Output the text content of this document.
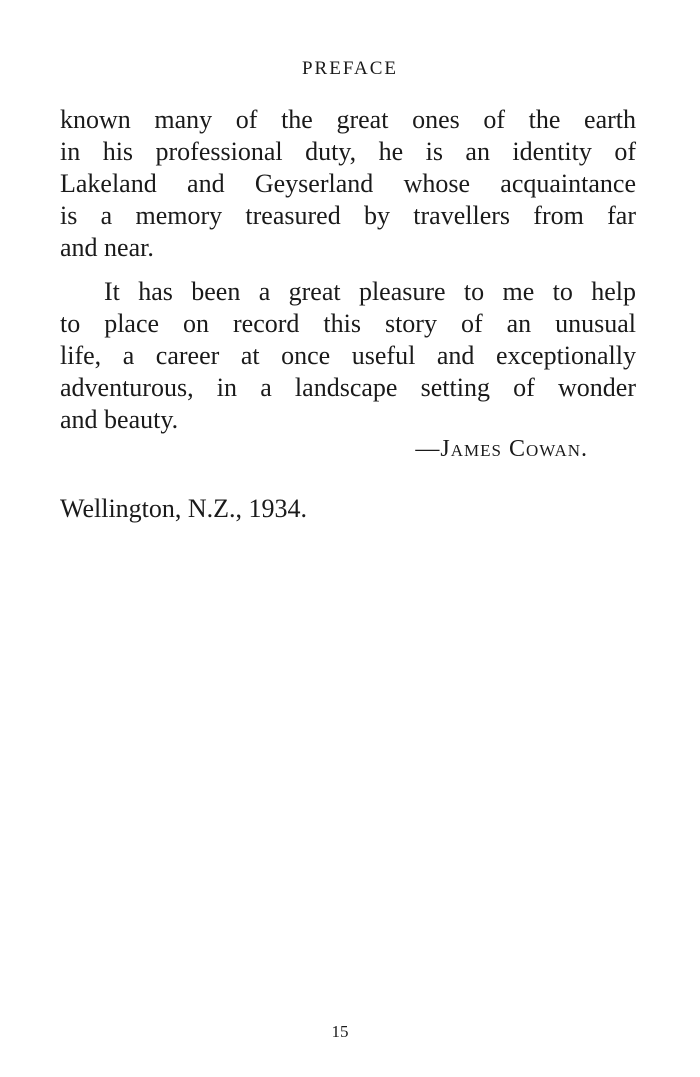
PREFACE
known many of the great ones of the earth
in his professional duty, he is an identity of
Lakeland and Geyserland whose acquaintance
is a memory treasured by travellers from far
and near.
It has been a great pleasure to me to help
to place on record this story of an unusual
life, a career at once useful and exceptionally
adventurous, in a landscape setting of wonder
and beauty.
—James Cowan.
Wellington, N.Z., 1934.
15
